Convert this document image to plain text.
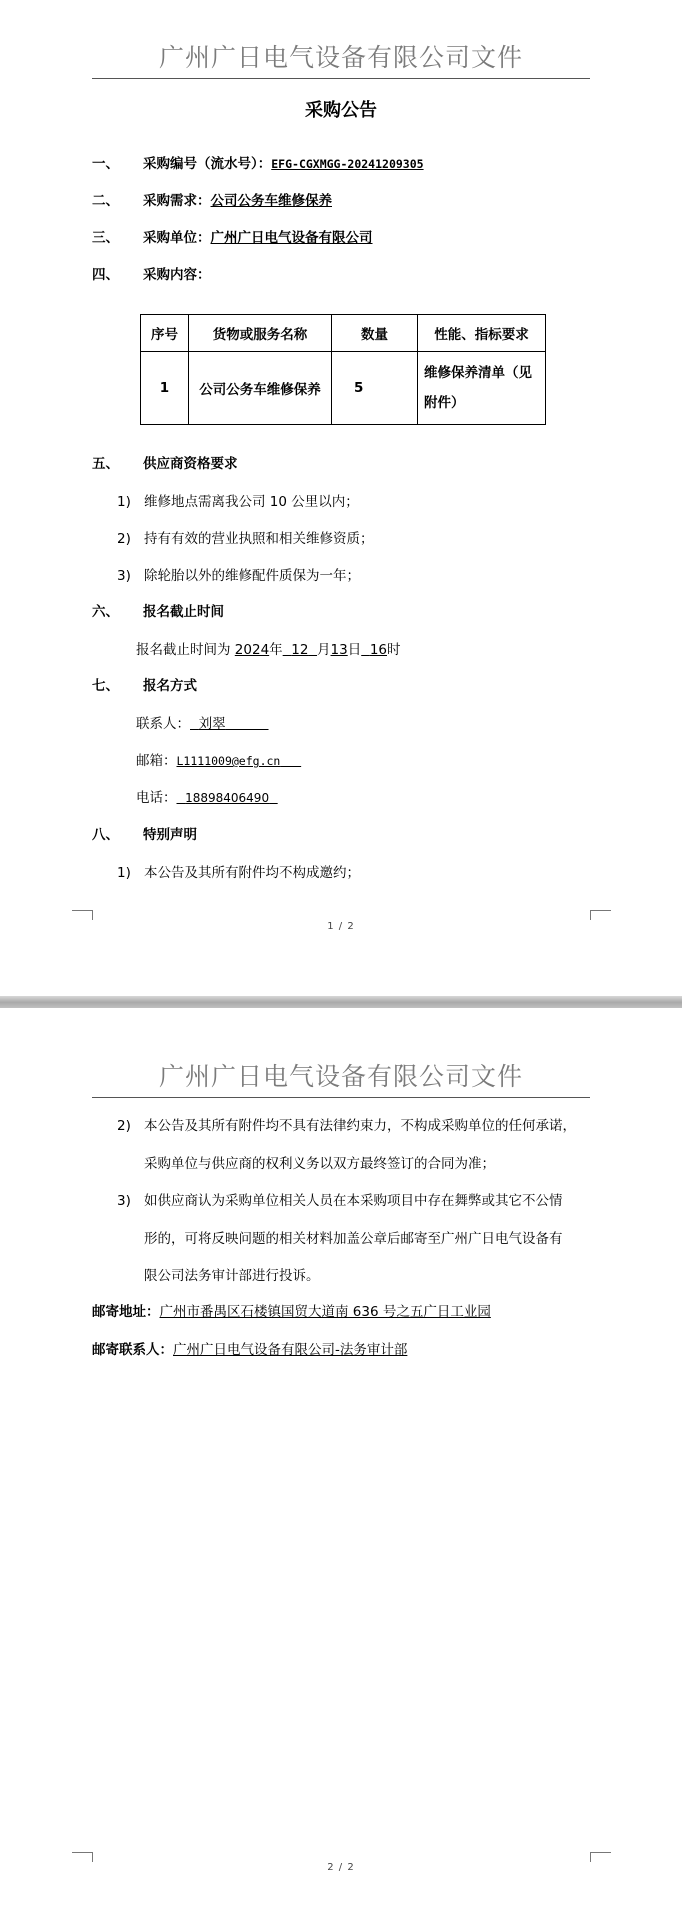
广州广日电气设备有限公司文件
采购公告
一、 采购编号（流水号）：EFG-CGXMGG-20241209305
二、 采购需求：公司公务车维修保养
三、 采购单位：广州广日电气设备有限公司
四、 采购内容：
序号	货物或服务名称	数量	性能、指标要求
1	公司公务车维修保养	5	维修保养清单（见
附件）
五、 供应商资格要求
1) 维修地点需离我公司 10 公里以内；
2) 持有有效的营业执照和相关维修资质；
3) 除轮胎以外的维修配件质保为一年；
六、 报名截止时间
报名截止时间为 2024年 12 月13日 16时
七、 报名方式
联系人： 刘翠
邮箱：L1111009@efg.cn
电话： 18898406490
八、 特别声明
1) 本公告及其所有附件均不构成邀约；
1 / 2
广州广日电气设备有限公司文件
2) 本公告及其所有附件均不具有法律约束力，不构成采购单位的任何承诺，
采购单位与供应商的权利义务以双方最终签订的合同为准；
3) 如供应商认为采购单位相关人员在本采购项目中存在舞弊或其它不公情
形的，可将反映问题的相关材料加盖公章后邮寄至广州广日电气设备有
限公司法务审计部进行投诉。
邮寄地址：广州市番禺区石楼镇国贸大道南 636 号之五广日工业园
邮寄联系人：广州广日电气设备有限公司-法务审计部
2 / 2
